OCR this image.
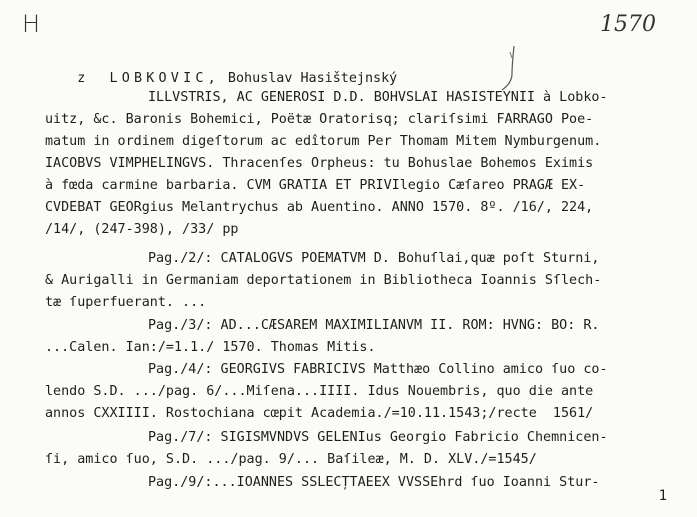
H	1570

z LOBKOVIC, Bohuslav Hasištejnský

ILLVSTRIS, AC GENEROSI D.D. BOHVSLAI HASISTEYNII à Lobko-
uitz, &c. Baronis Bohemici, Poëtæ Oratorisq; clariſsimi FARRAGO Poe-
matum in ordinem digeſtorum ac edîtorum Per Thomam Mitem Nymburgenum.
IACOBVS VIMPHELINGVS. Thracenſes Orpheus: tu Bohuslae Bohemos Eximis
à fœda carmine barbaria. CVM GRATIA ET PRIVIlegio Cæſareo PRAGÆ EX-
CVDEBAT GEORgius Melantrychus ab Auentino. ANNO 1570. 8º. /16/, 224,
/14/, (247-398), /33/ pp
Pag./2/: CATALOGVS POEMATVM D. Bohuſlai,quæ poſt Sturni,
& Aurigalli in Germaniam deportationem in Bibliotheca Ioannis Sſlech-
tæ ſuperfuerant. ...
Pag./3/: AD...CÆSAREM MAXIMILIANVM II. ROM: HVNG: BO: R.
...Calen. Ian:/=1.1./ 1570. Thomas Mitis.
Pag./4/: GEORGIVS FABRICIVS Matthæo Collino amico ſuo co-
lendo S.D. .../pag. 6/...Miſena...IIII. Idus Nouembris, quo die ante
annos CXXIIII. Rostochiana cœpit Academia./=10.11.1543;/recte  1561/
Pag./7/: SIGISMVNDVS GELENIus Georgio Fabricio Chemnicen-
ſi, amico ſuo, S.D. .../pag. 9/... Baſileæ, M. D. XLV./=1545/
Pag./9/:...IOANNES SSLECȚTAEEX VVSSEhrd ſuo Ioanni Stur-
1
